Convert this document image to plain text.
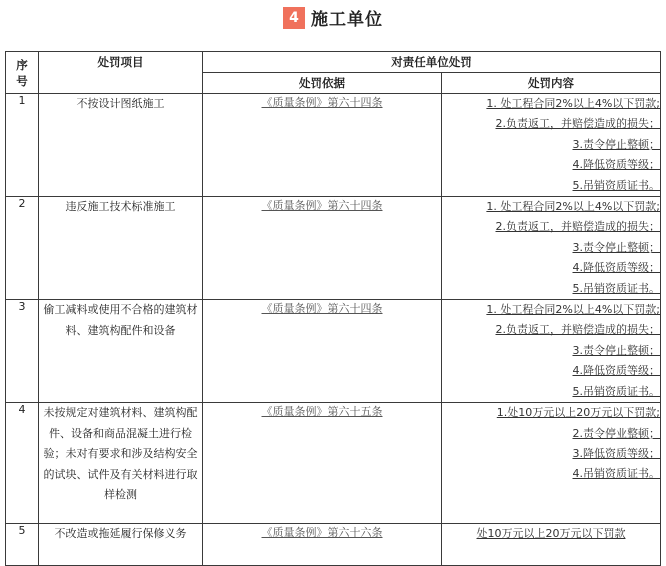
4 施工单位
序号	处罚项目	对责任单位处罚	
		处罚依据	处罚内容
1	不按设计图纸施工	《质量条例》第六十四条	1. 处工程合同2%以上4%以下罚款;
2.负责返工，并赔偿造成的损失；
3.责令停止整顿；
4.降低资质等级；
5.吊销资质证书。

2	违反施工技术标准施工	《质量条例》第六十四条	1. 处工程合同2%以上4%以下罚款;
2.负责返工，并赔偿造成的损失；
3.责令停止整顿；
4.降低资质等级；
5.吊销资质证书。

3	偷工减料或使用不合格的建筑材料、建筑构配件和设备	《质量条例》第六十四条	1. 处工程合同2%以上4%以下罚款;
2.负责返工，并赔偿造成的损失；
3.责令停止整顿；
4.降低资质等级；
5.吊销资质证书。

4	未按规定对建筑材料、建筑构配件、设备和商品混凝土进行检验；未对有要求和涉及结构安全的试块、试件及有关材料进行取样检测	《质量条例》第六十五条	1.处10万元以上20万元以下罚款;
2.责令停业整顿；
3.降低资质等级；
4.吊销资质证书。

5	不改造或拖延履行保修义务	《质量条例》第六十六条	处10万元以上20万元以下罚款
